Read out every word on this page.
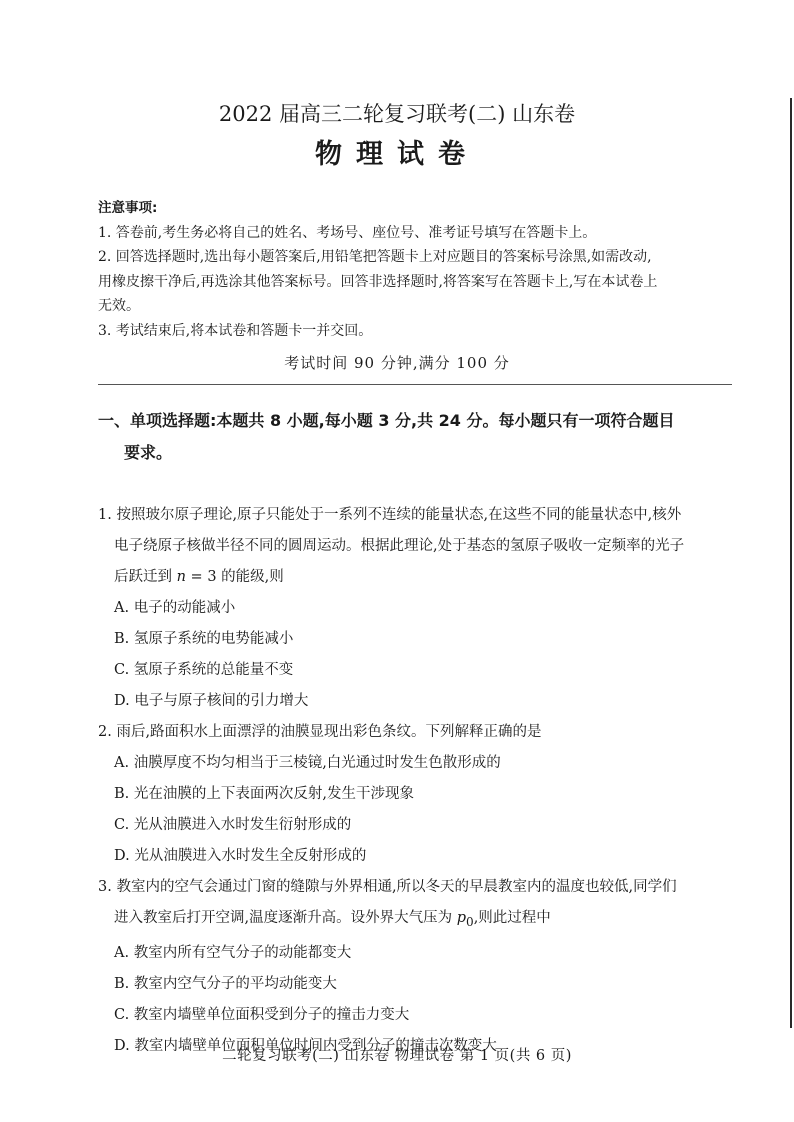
2022 届高三二轮复习联考(二) 山东卷
物理试卷

注意事项:

1. 答卷前,考生务必将自己的姓名、考场号、座位号、准考证号填写在答题卡上。

2. 回答选择题时,选出每小题答案后,用铅笔把答题卡上对应题目的答案标号涂黑,如需改动,

用橡皮擦干净后,再选涂其他答案标号。回答非选择题时,将答案写在答题卡上,写在本试卷上

无效。

3. 考试结束后,将本试卷和答题卡一并交回。

考试时间 90 分钟,满分 100 分
一、单项选择题:本题共 8 小题,每小题 3 分,共 24 分。每小题只有一项符合题目
要求。

1. 按照玻尔原子理论,原子只能处于一系列不连续的能量状态,在这些不同的能量状态中,核外

电子绕原子核做半径不同的圆周运动。根据此理论,处于基态的氢原子吸收一定频率的光子

后跃迁到 n = 3 的能级,则

A. 电子的动能减小

B. 氢原子系统的电势能减小

C. 氢原子系统的总能量不变

D. 电子与原子核间的引力增大

2. 雨后,路面积水上面漂浮的油膜显现出彩色条纹。下列解释正确的是

A. 油膜厚度不均匀相当于三棱镜,白光通过时发生色散形成的

B. 光在油膜的上下表面两次反射,发生干涉现象

C. 光从油膜进入水时发生衍射形成的

D. 光从油膜进入水时发生全反射形成的

3. 教室内的空气会通过门窗的缝隙与外界相通,所以冬天的早晨教室内的温度也较低,同学们

进入教室后打开空调,温度逐渐升高。设外界大气压为 $p_0$,则此过程中

A. 教室内所有空气分子的动能都变大

B. 教室内空气分子的平均动能变大

C. 教室内墙壁单位面积受到分子的撞击力变大

D. 教室内墙壁单位面积单位时间内受到分子的撞击次数变大

二轮复习联考(二) 山东卷 物理试卷 第 1 页(共 6 页)
